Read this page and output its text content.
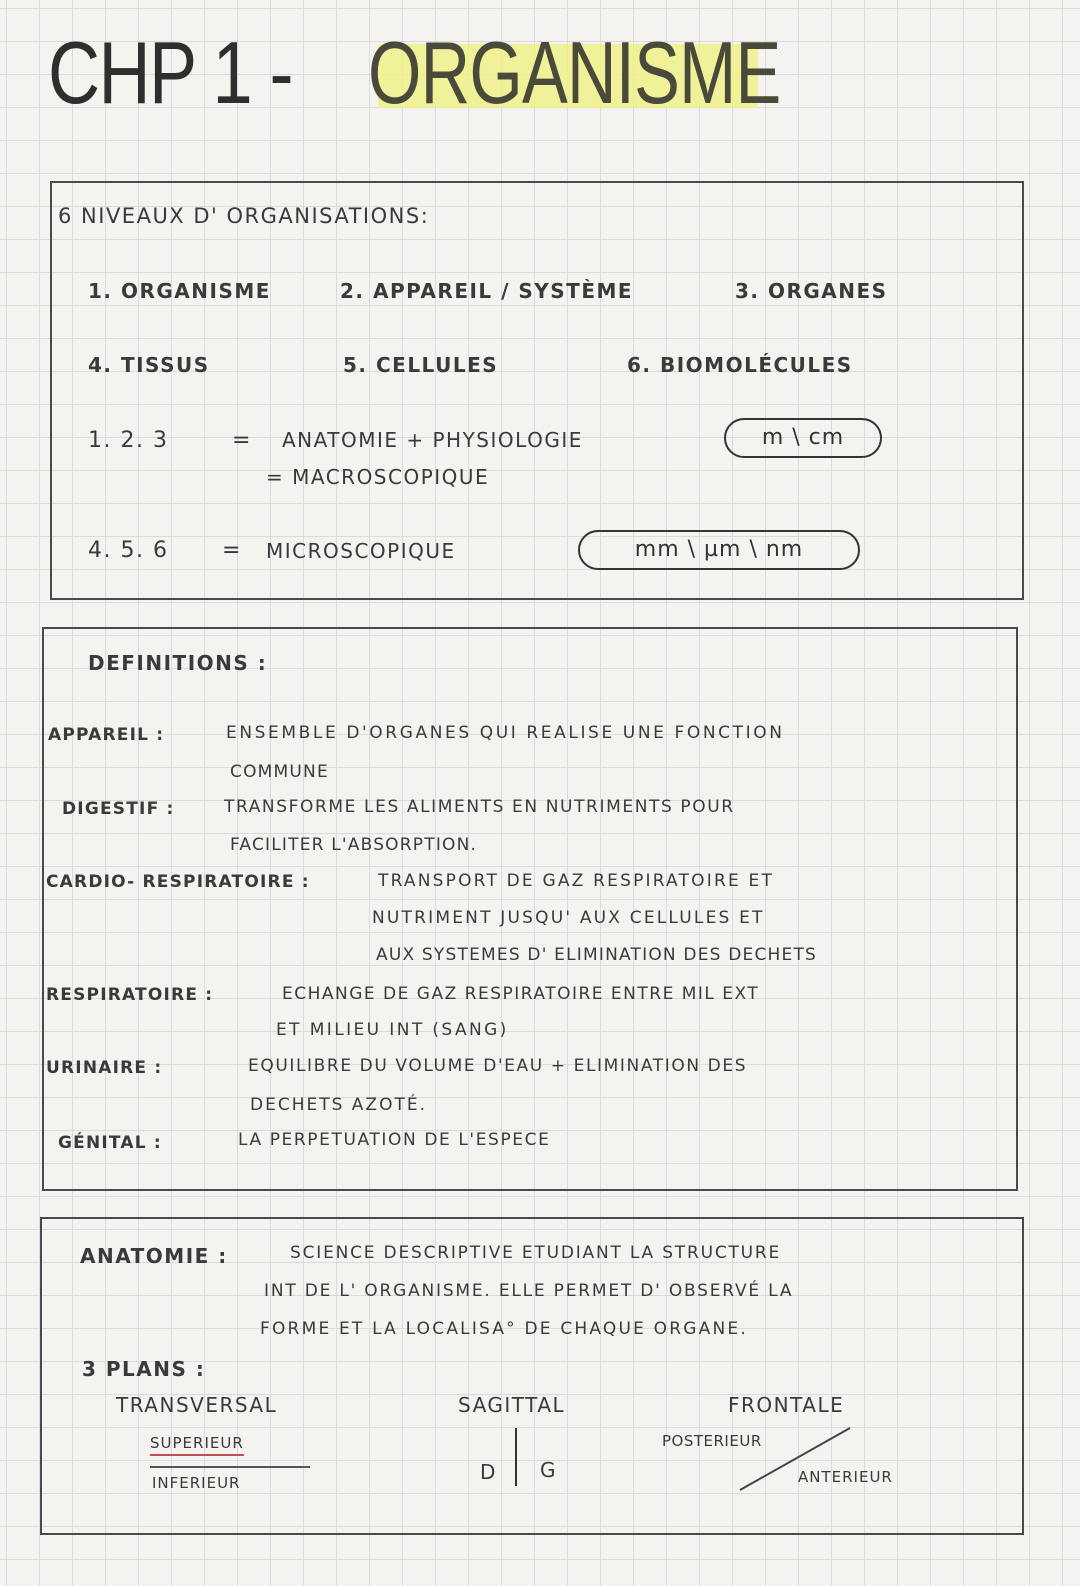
CHP 1 - ORGANISME
6 NIVEAUX D' ORGANISATIONS:
1. ORGANISME	2. APPAREIL / SYSTÈME	3. ORGANES
4. TISSUS	5. CELLULES	6. BIOMOLÉCULES
1. 2. 3	= ANATOMIE + PHYSIOLOGIE
= MACROSCOPIQUE
m \ cm
4. 5. 6 = MICROSCOPIQUE	mm \ µm \ nm
DEFINITIONS :
APPAREIL :	ENSEMBLE D'ORGANES QUI REALISE UNE FONCTION
COMMUNE
DIGESTIF :	TRANSFORME LES ALIMENTS EN NUTRIMENTS POUR
FACILITER L'ABSORPTION.
CARDIO- RESPIRATOIRE :	TRANSPORT DE GAZ RESPIRATOIRE ET
NUTRIMENT JUSQU' AUX CELLULES ET
AUX SYSTEMES D' ELIMINATION DES DECHETS
RESPIRATOIRE :	ECHANGE DE GAZ RESPIRATOIRE ENTRE MIL EXT
ET MILIEU INT (SANG)
URINAIRE :	EQUILIBRE DU VOLUME D'EAU + ELIMINATION DES
DECHETS AZOTÉ.
GÉNITAL :	LA PERPETUATION DE L'ESPECE
ANATOMIE :	SCIENCE DESCRIPTIVE ETUDIANT LA STRUCTURE
INT DE L' ORGANISME. ELLE PERMET D' OBSERVÉ LA
FORME ET LA LOCALISA° DE CHAQUE ORGANE.
3 PLANS :
TRANSVERSAL
SUPERIEUR
INFERIEUR
SAGITTAL
D G
FRONTALE
POSTERIEUR
ANTERIEUR
